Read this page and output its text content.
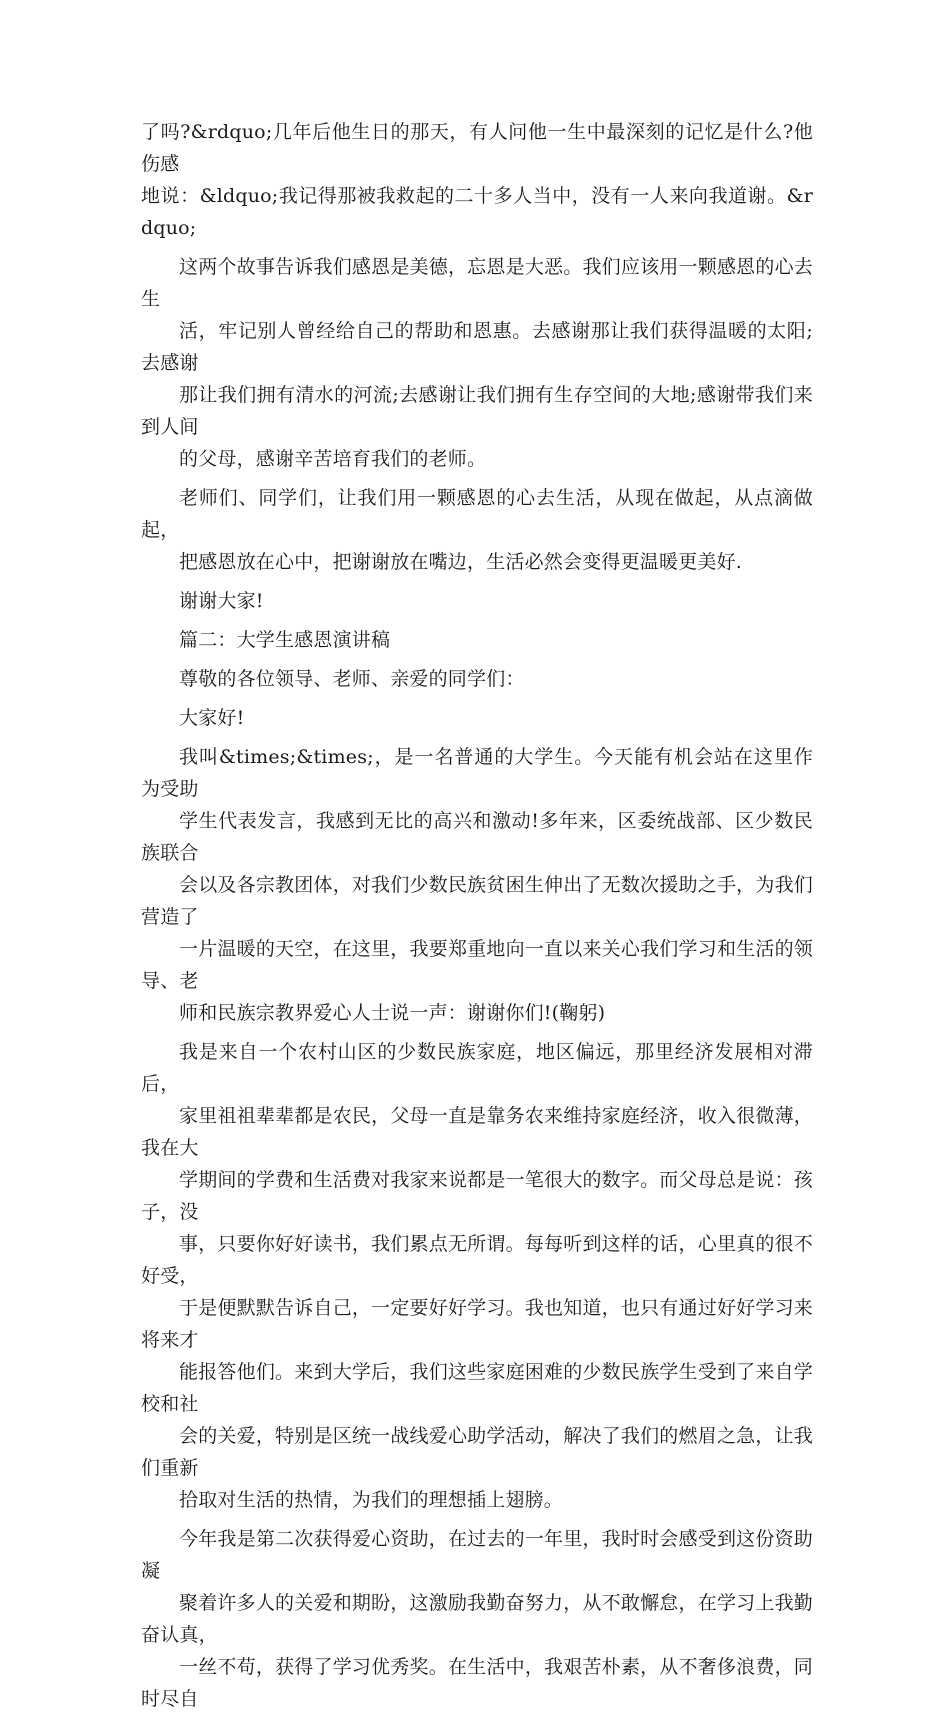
了吗?&rdquo;几年后他生日的那天，有人问他一生中最深刻的记忆是什么?他伤感
地说：&ldquo;我记得那被我救起的二十多人当中，没有一人来向我道谢。&rdquo;

这两个故事告诉我们感恩是美德，忘恩是大恶。我们应该用一颗感恩的心去生
活，牢记别人曾经给自己的帮助和恩惠。去感谢那让我们获得温暖的太阳;去感谢
那让我们拥有清水的河流;去感谢让我们拥有生存空间的大地;感谢带我们来到人间
的父母，感谢辛苦培育我们的老师。

老师们、同学们，让我们用一颗感恩的心去生活，从现在做起，从点滴做起，
把感恩放在心中，把谢谢放在嘴边，生活必然会变得更温暖更美好.

谢谢大家!

篇二：大学生感恩演讲稿

尊敬的各位领导、老师、亲爱的同学们：

大家好!

我叫&times;&times;，是一名普通的大学生。今天能有机会站在这里作为受助
学生代表发言，我感到无比的高兴和激动!多年来，区委统战部、区少数民族联合
会以及各宗教团体，对我们少数民族贫困生伸出了无数次援助之手，为我们营造了
一片温暖的天空，在这里，我要郑重地向一直以来关心我们学习和生活的领导、老
师和民族宗教界爱心人士说一声：谢谢你们!(鞠躬)

我是来自一个农村山区的少数民族家庭，地区偏远，那里经济发展相对滞后，
家里祖祖辈辈都是农民，父母一直是靠务农来维持家庭经济，收入很微薄，我在大
学期间的学费和生活费对我家来说都是一笔很大的数字。而父母总是说：孩子，没
事，只要你好好读书，我们累点无所谓。每每听到这样的话，心里真的很不好受，
于是便默默告诉自己，一定要好好学习。我也知道，也只有通过好好学习来将来才
能报答他们。来到大学后，我们这些家庭困难的少数民族学生受到了来自学校和社
会的关爱，特别是区统一战线爱心助学活动，解决了我们的燃眉之急，让我们重新
拾取对生活的热情，为我们的理想插上翅膀。

今年我是第二次获得爱心资助，在过去的一年里，我时时会感受到这份资助凝
聚着许多人的关爱和期盼，这激励我勤奋努力，从不敢懈怠，在学习上我勤奋认真，
一丝不苟，获得了学习优秀奖。在生活中，我艰苦朴素，从不奢侈浪费，同时尽自
